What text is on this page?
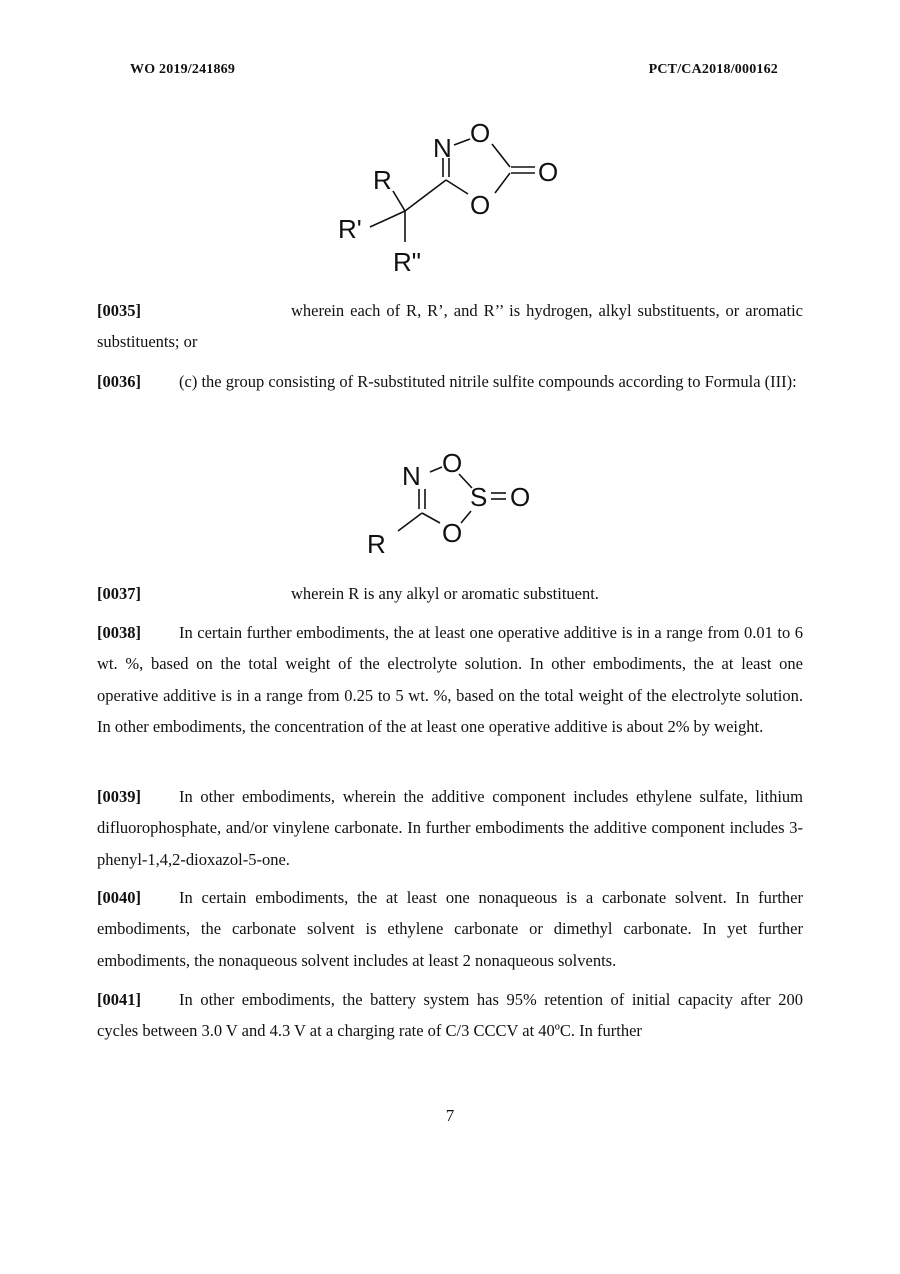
WO 2019/241869	PCT/CA2018/000162
N O
O
O
R
R'
R"

[0035]	wherein each of R, R’, and R’’ is hydrogen, alkyl substituents, or aromatic substituents; or

[0036] (c) the group consisting of R-substituted nitrile sulfite compounds according to Formula (III):

N O
S O
O
R

[0037]	wherein R is any alkyl or aromatic substituent.

[0038] In certain further embodiments, the at least one operative additive is in a range from 0.01 to 6 wt. %, based on the total weight of the electrolyte solution. In other embodiments, the at least one operative additive is in a range from 0.25 to 5 wt. %, based on the total weight of the electrolyte solution. In other embodiments, the concentration of the at least one operative additive is about 2% by weight.

[0039] In other embodiments, wherein the additive component includes ethylene sulfate, lithium difluorophosphate, and/or vinylene carbonate. In further embodiments the additive component includes 3-phenyl-1,4,2-dioxazol-5-one.

[0040] In certain embodiments, the at least one nonaqueous is a carbonate solvent. In further embodiments, the carbonate solvent is ethylene carbonate or dimethyl carbonate. In yet further embodiments, the nonaqueous solvent includes at least 2 nonaqueous solvents.

[0041] In other embodiments, the battery system has 95% retention of initial capacity after 200 cycles between 3.0 V and 4.3 V at a charging rate of C/3 CCCV at 40ºC. In further

7
